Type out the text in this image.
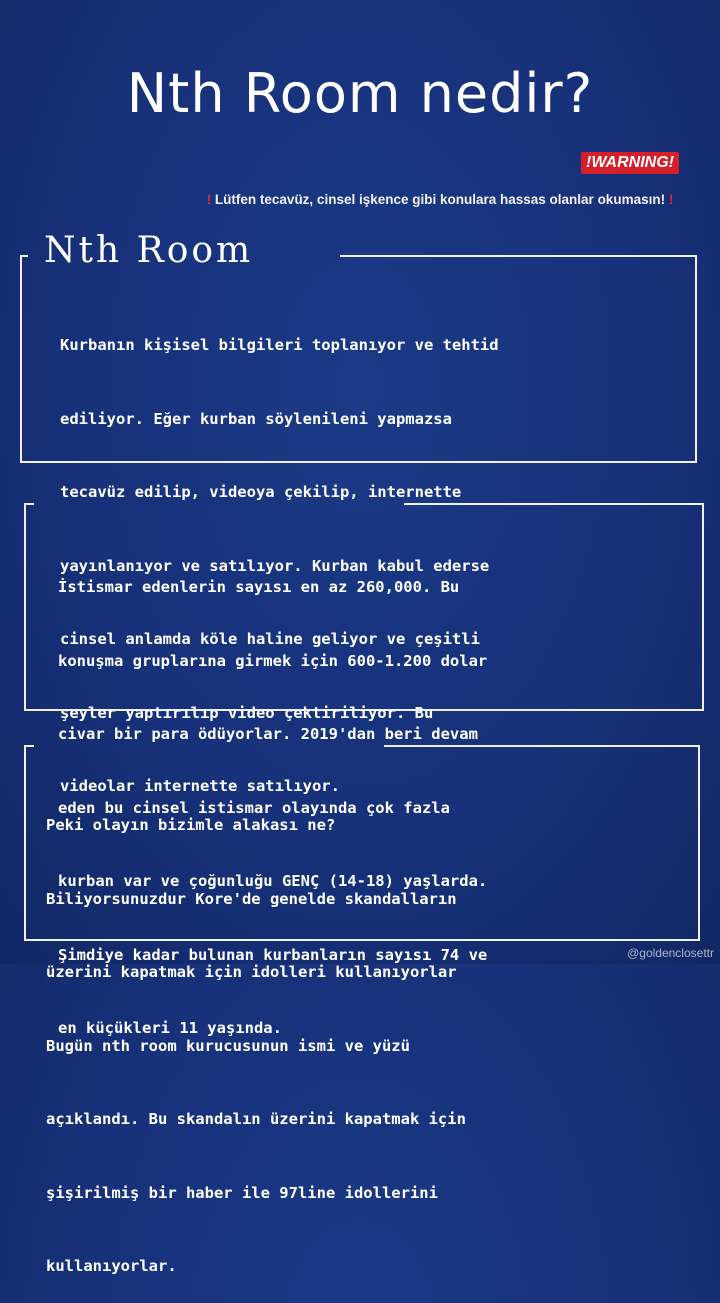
Nth Room nedir?
!WARNING!
! Lütfen tecavüz, cinsel işkence gibi konulara hassas olanlar okumasın! !
Nth Room

Kurbanın kişisel bilgileri toplanıyor ve tehtid

ediliyor. Eğer kurban söylenileni yapmazsa

tecavüz edilip, videoya çekilip, internette

yayınlanıyor ve satılıyor. Kurban kabul ederse

cinsel anlamda köle haline geliyor ve çeşitli

şeyler yaptırılıp video çektiriliyor. Bu

videolar internette satılıyor.

İstismar edenlerin sayısı en az 260,000. Bu

konuşma gruplarına girmek için 600-1.200 dolar

civar bir para ödüyorlar. 2019'dan beri devam

eden bu cinsel istismar olayında çok fazla

kurban var ve çoğunluğu GENÇ (14-18) yaşlarda.

Şimdiye kadar bulunan kurbanların sayısı 74 ve

en küçükleri 11 yaşında.

Peki olayın bizimle alakası ne?

Biliyorsunuzdur Kore'de genelde skandalların

üzerini kapatmak için idolleri kullanıyorlar

Bugün nth room kurucusunun ismi ve yüzü

açıklandı. Bu skandalın üzerini kapatmak için

şişirilmiş bir haber ile 97line idollerini

kullanıyorlar.

@goldenclosettr
